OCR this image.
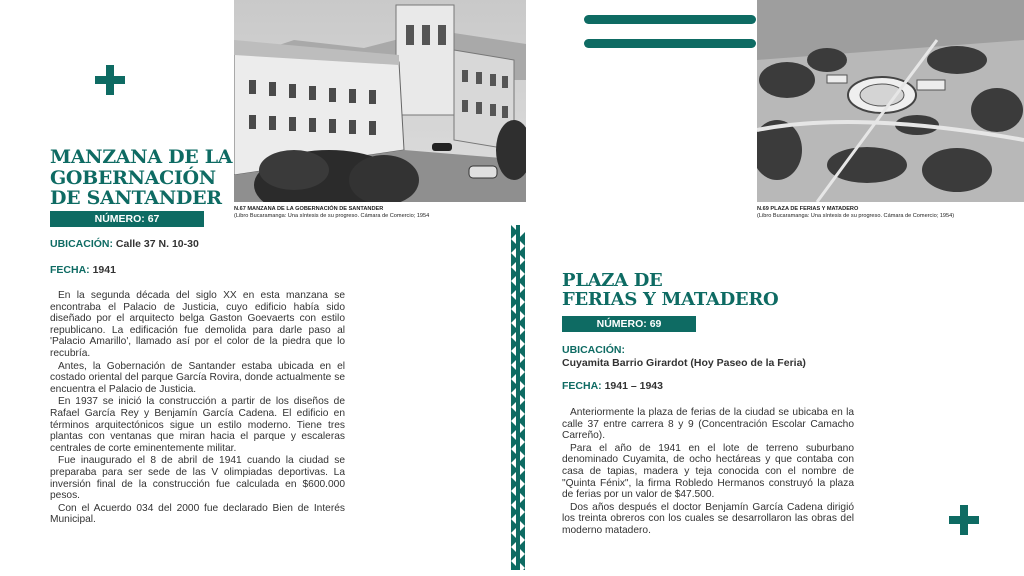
N.67 MANZANA DE LA GOBERNACIÓN DE SANTANDER
(Libro Bucaramanga: Una síntesis de su progreso. Cámara de Comercio; 1954
N.69 PLAZA DE FERIAS Y MATADERO
(Libro Bucaramanga: Una síntesis de su progreso. Cámara de Comercio; 1954)
MANZANA DE LA
GOBERNACIÓN
DE SANTANDER
NÚMERO: 67
UBICACIÓN: Calle 37 N. 10-30
FECHA: 1941

En la segunda década del siglo XX en esta manzana se encontraba el Palacio de Justicia, cuyo edificio había sido diseñado por el arquitecto belga Gaston Goevaerts con estilo republicano. La edificación fue demolida para darle paso al 'Palacio Amarillo', llamado así por el color de la piedra que lo recubría.

Antes, la Gobernación de Santander estaba ubicada en el costado oriental del parque García Rovira, donde actualmente se encuentra el Palacio de Justicia.

En 1937 se inició la construcción a partir de los diseños de Rafael García Rey y Benjamín García Cadena. El edificio en términos arquitectónicos sigue un estilo moderno. Tiene tres plantas con ventanas que miran hacia el parque y escaleras centrales de corte eminentemente militar.

Fue inaugurado el 8 de abril de 1941 cuando la ciudad se preparaba para ser sede de las V olimpiadas deportivas. La inversión final de la construcción fue calculada en $600.000 pesos.

Con el Acuerdo 034 del 2000 fue declarado Bien de Interés Municipal.

PLAZA DE
FERIAS Y MATADERO
NÚMERO: 69
UBICACIÓN:
Cuyamita Barrio Girardot (Hoy Paseo de la Feria)
FECHA: 1941 – 1943

Anteriormente la plaza de ferias de la ciudad se ubicaba en la calle 37 entre carrera 8 y 9 (Concentración Escolar Camacho Carreño).

Para el año de 1941 en el lote de terreno suburbano denominado Cuyamita, de ocho hectáreas y que contaba con casa de tapias, madera y teja conocida con el nombre de "Quinta Fénix", la firma Robledo Hermanos construyó la plaza de ferias por un valor de $47.500.

Dos años después el doctor Benjamín García Cadena dirigió los treinta obreros con los cuales se desarrollaron las obras del moderno matadero.
